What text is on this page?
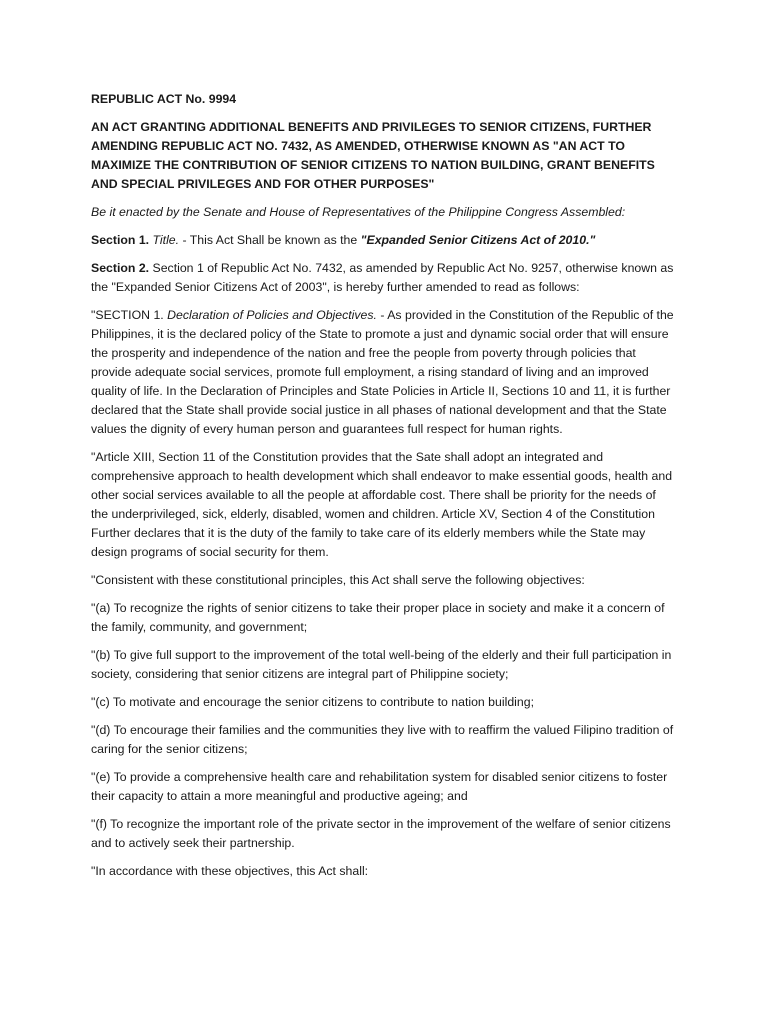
REPUBLIC ACT No. 9994

AN ACT GRANTING ADDITIONAL BENEFITS AND PRIVILEGES TO SENIOR CITIZENS, FURTHER AMENDING REPUBLIC ACT NO. 7432, AS AMENDED, OTHERWISE KNOWN AS "AN ACT TO MAXIMIZE THE CONTRIBUTION OF SENIOR CITIZENS TO NATION BUILDING, GRANT BENEFITS AND SPECIAL PRIVILEGES AND FOR OTHER PURPOSES"

Be it enacted by the Senate and House of Representatives of the Philippine Congress Assembled:

Section 1. Title. - This Act Shall be known as the "Expanded Senior Citizens Act of 2010."

Section 2. Section 1 of Republic Act No. 7432, as amended by Republic Act No. 9257, otherwise known as the "Expanded Senior Citizens Act of 2003", is hereby further amended to read as follows:

"SECTION 1. Declaration of Policies and Objectives. - As provided in the Constitution of the Republic of the Philippines, it is the declared policy of the State to promote a just and dynamic social order that will ensure the prosperity and independence of the nation and free the people from poverty through policies that provide adequate social services, promote full employment, a rising standard of living and an improved quality of life. In the Declaration of Principles and State Policies in Article II, Sections 10 and 11, it is further declared that the State shall provide social justice in all phases of national development and that the State values the dignity of every human person and guarantees full respect for human rights.

"Article XIII, Section 11 of the Constitution provides that the Sate shall adopt an integrated and comprehensive approach to health development which shall endeavor to make essential goods, health and other social services available to all the people at affordable cost. There shall be priority for the needs of the underprivileged, sick, elderly, disabled, women and children. Article XV, Section 4 of the Constitution Further declares that it is the duty of the family to take care of its elderly members while the State may design programs of social security for them.

"Consistent with these constitutional principles, this Act shall serve the following objectives:

"(a) To recognize the rights of senior citizens to take their proper place in society and make it a concern of the family, community, and government;

"(b) To give full support to the improvement of the total well-being of the elderly and their full participation in society, considering that senior citizens are integral part of Philippine society;

"(c) To motivate and encourage the senior citizens to contribute to nation building;

"(d) To encourage their families and the communities they live with to reaffirm the valued Filipino tradition of caring for the senior citizens;

"(e) To provide a comprehensive health care and rehabilitation system for disabled senior citizens to foster their capacity to attain a more meaningful and productive ageing; and

"(f) To recognize the important role of the private sector in the improvement of the welfare of senior citizens and to actively seek their partnership.

"In accordance with these objectives, this Act shall:
